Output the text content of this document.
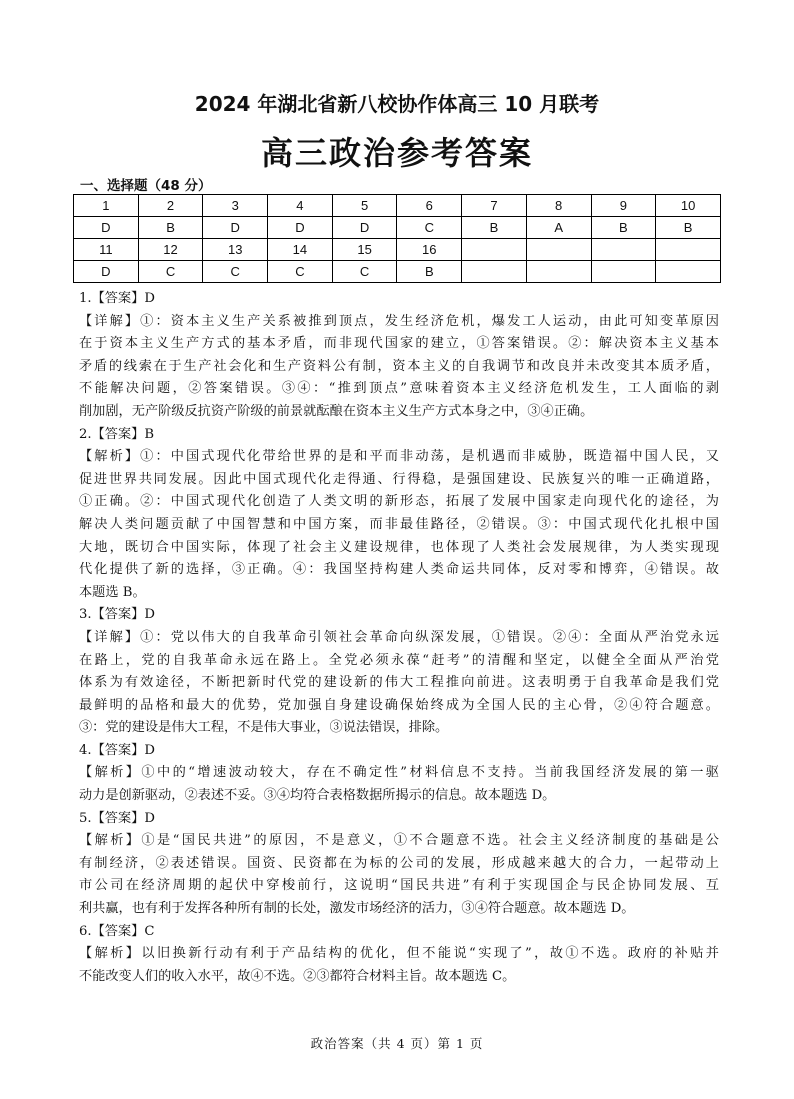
2024 年湖北省新八校协作体高三 10 月联考
高三政治参考答案
一、选择题（48 分）
1	2	3	4	5	6	7	8	9	10
D	B	D	D	D	C	B	A	B	B
11	12	13	14	15	16				
D	C	C	C	C	B				

1.【答案】D

【详解】①：资本主义生产关系被推到顶点，发生经济危机，爆发工人运动，由此可知变革原因

在于资本主义生产方式的基本矛盾，而非现代国家的建立，①答案错误。②：解决资本主义基本

矛盾的线索在于生产社会化和生产资料公有制，资本主义的自我调节和改良并未改变其本质矛盾，

不能解决问题，②答案错误。③④：“推到顶点”意味着资本主义经济危机发生，工人面临的剥

削加剧，无产阶级反抗资产阶级的前景就酝酿在资本主义生产方式本身之中，③④正确。

2.【答案】B

【解析】①：中国式现代化带给世界的是和平而非动荡，是机遇而非威胁，既造福中国人民，又

促进世界共同发展。因此中国式现代化走得通、行得稳，是强国建设、民族复兴的唯一正确道路，

①正确。②：中国式现代化创造了人类文明的新形态，拓展了发展中国家走向现代化的途径，为

解决人类问题贡献了中国智慧和中国方案，而非最佳路径，②错误。③：中国式现代化扎根中国

大地，既切合中国实际，体现了社会主义建设规律，也体现了人类社会发展规律，为人类实现现

代化提供了新的选择，③正确。④：我国坚持构建人类命运共同体，反对零和博弈，④错误。故

本题选 B。

3.【答案】D

【详解】①：党以伟大的自我革命引领社会革命向纵深发展，①错误。②④：全面从严治党永远

在路上，党的自我革命永远在路上。全党必须永葆“赶考”的清醒和坚定，以健全全面从严治党

体系为有效途径，不断把新时代党的建设新的伟大工程推向前进。这表明勇于自我革命是我们党

最鲜明的品格和最大的优势，党加强自身建设确保始终成为全国人民的主心骨，②④符合题意。

③：党的建设是伟大工程，不是伟大事业，③说法错误，排除。

4.【答案】D

【解析】①中的“增速波动较大，存在不确定性”材料信息不支持。当前我国经济发展的第一驱

动力是创新驱动，②表述不妥。③④均符合表格数据所揭示的信息。故本题选 D。

5.【答案】D

【解析】①是“国民共进”的原因，不是意义，①不合题意不选。社会主义经济制度的基础是公

有制经济，②表述错误。国资、民资都在为标的公司的发展，形成越来越大的合力，一起带动上

市公司在经济周期的起伏中穿梭前行，这说明“国民共进”有利于实现国企与民企协同发展、互

利共赢，也有利于发挥各种所有制的长处，激发市场经济的活力，③④符合题意。故本题选 D。

6.【答案】C

【解析】以旧换新行动有利于产品结构的优化，但不能说“实现了”，故①不选。政府的补贴并

不能改变人们的收入水平，故④不选。②③都符合材料主旨。故本题选 C。

政治答案（共 4 页）第 1 页
